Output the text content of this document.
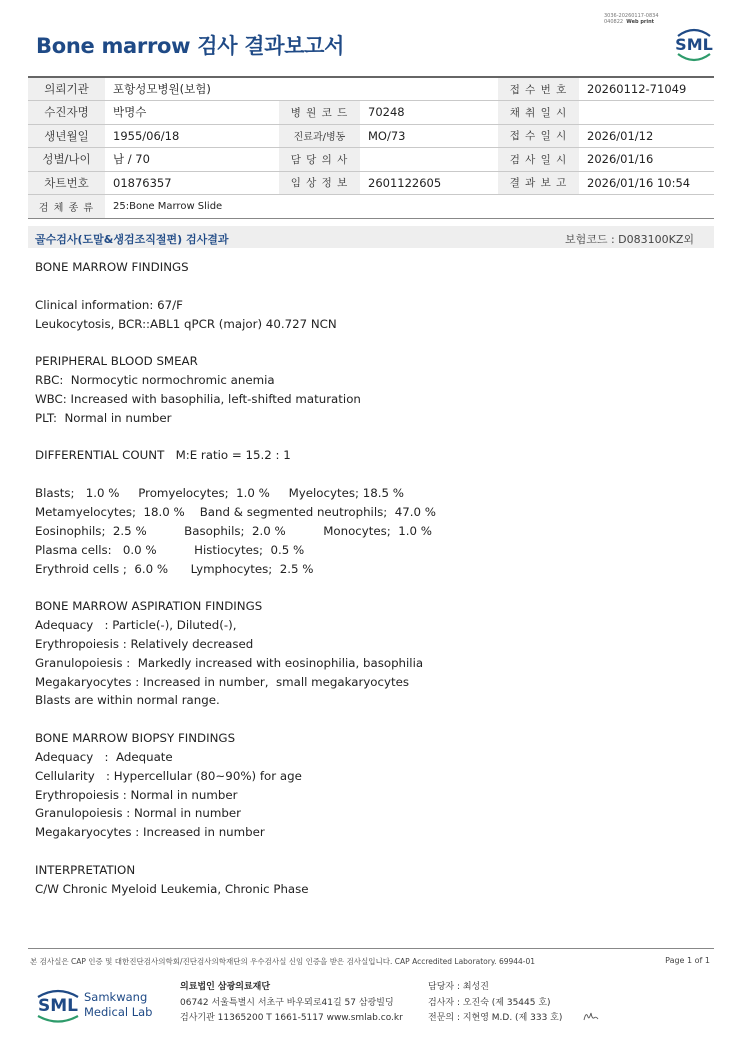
3036-20260117-0834
040822 Web print
Bone marrow 검사 결과보고서	SML
의뢰기관	포항성모병원(보험)			접 수 번 호	20260112-71049
수진자명	박명수	병 원 코 드	70248	채 취 일 시	
생년월일	1955/06/18	진료과/병동	MO/73	접 수 일 시	2026/01/12
성별/나이	남 / 70	담 당 의 사		검 사 일 시	2026/01/16
차트번호	01876357	임 상 정 보	2601122605	결 과 보 고	2026/01/16 10:54
검 체 종 류	25:Bone Marrow Slide				
골수검사(도말&생검조직절편) 검사결과	보험코드 : D083100KZ외
BONE MARROW FINDINGS
Clinical information: 67/F
Leukocytosis, BCR::ABL1 qPCR (major) 40.727 NCN
PERIPHERAL BLOOD SMEAR
RBC:  Normocytic normochromic anemia
WBC: Increased with basophilia, left-shifted maturation
PLT:  Normal in number
DIFFERENTIAL COUNT   M:E ratio = 15.2 : 1
Blasts;   1.0 %     Promyelocytes;  1.0 %     Myelocytes; 18.5 %
Metamyelocytes;  18.0 %    Band & segmented neutrophils;  47.0 %
Eosinophils;  2.5 %          Basophils;  2.0 %          Monocytes;  1.0 %
Plasma cells:   0.0 %          Histiocytes;  0.5 %
Erythroid cells ;  6.0 %      Lymphocytes;  2.5 %
BONE MARROW ASPIRATION FINDINGS
Adequacy   : Particle(-), Diluted(-),
Erythropoiesis : Relatively decreased
Granulopoiesis :  Markedly increased with eosinophilia, basophilia
Megakaryocytes : Increased in number,  small megakaryocytes
Blasts are within normal range.
BONE MARROW BIOPSY FINDINGS
Adequacy   :  Adequate
Cellularity   : Hypercellular (80~90%) for age
Erythropoiesis : Normal in number
Granulopoiesis : Normal in number
Megakaryocytes : Increased in number
INTERPRETATION
C/W Chronic Myeloid Leukemia, Chronic Phase
본 검사실은 CAP 인증 및 대한진단검사의학회/진단검사의학재단의 우수검사실 신임 인증을 받은 검사실입니다. CAP Accredited Laboratory. 69944-01	Page 1 of 1
SML Samkwang
Medical Lab
의료법인 삼광의료재단
06742 서울특별시 서초구 바우뫼로41길 57 삼광빌딩
검사기관 11365200 T 1661-5117 www.smlab.co.kr
담당자 : 최성진
검사자 : 오진숙 (제 35445 호)
전문의 : 지현영 M.D. (제 333 호)
